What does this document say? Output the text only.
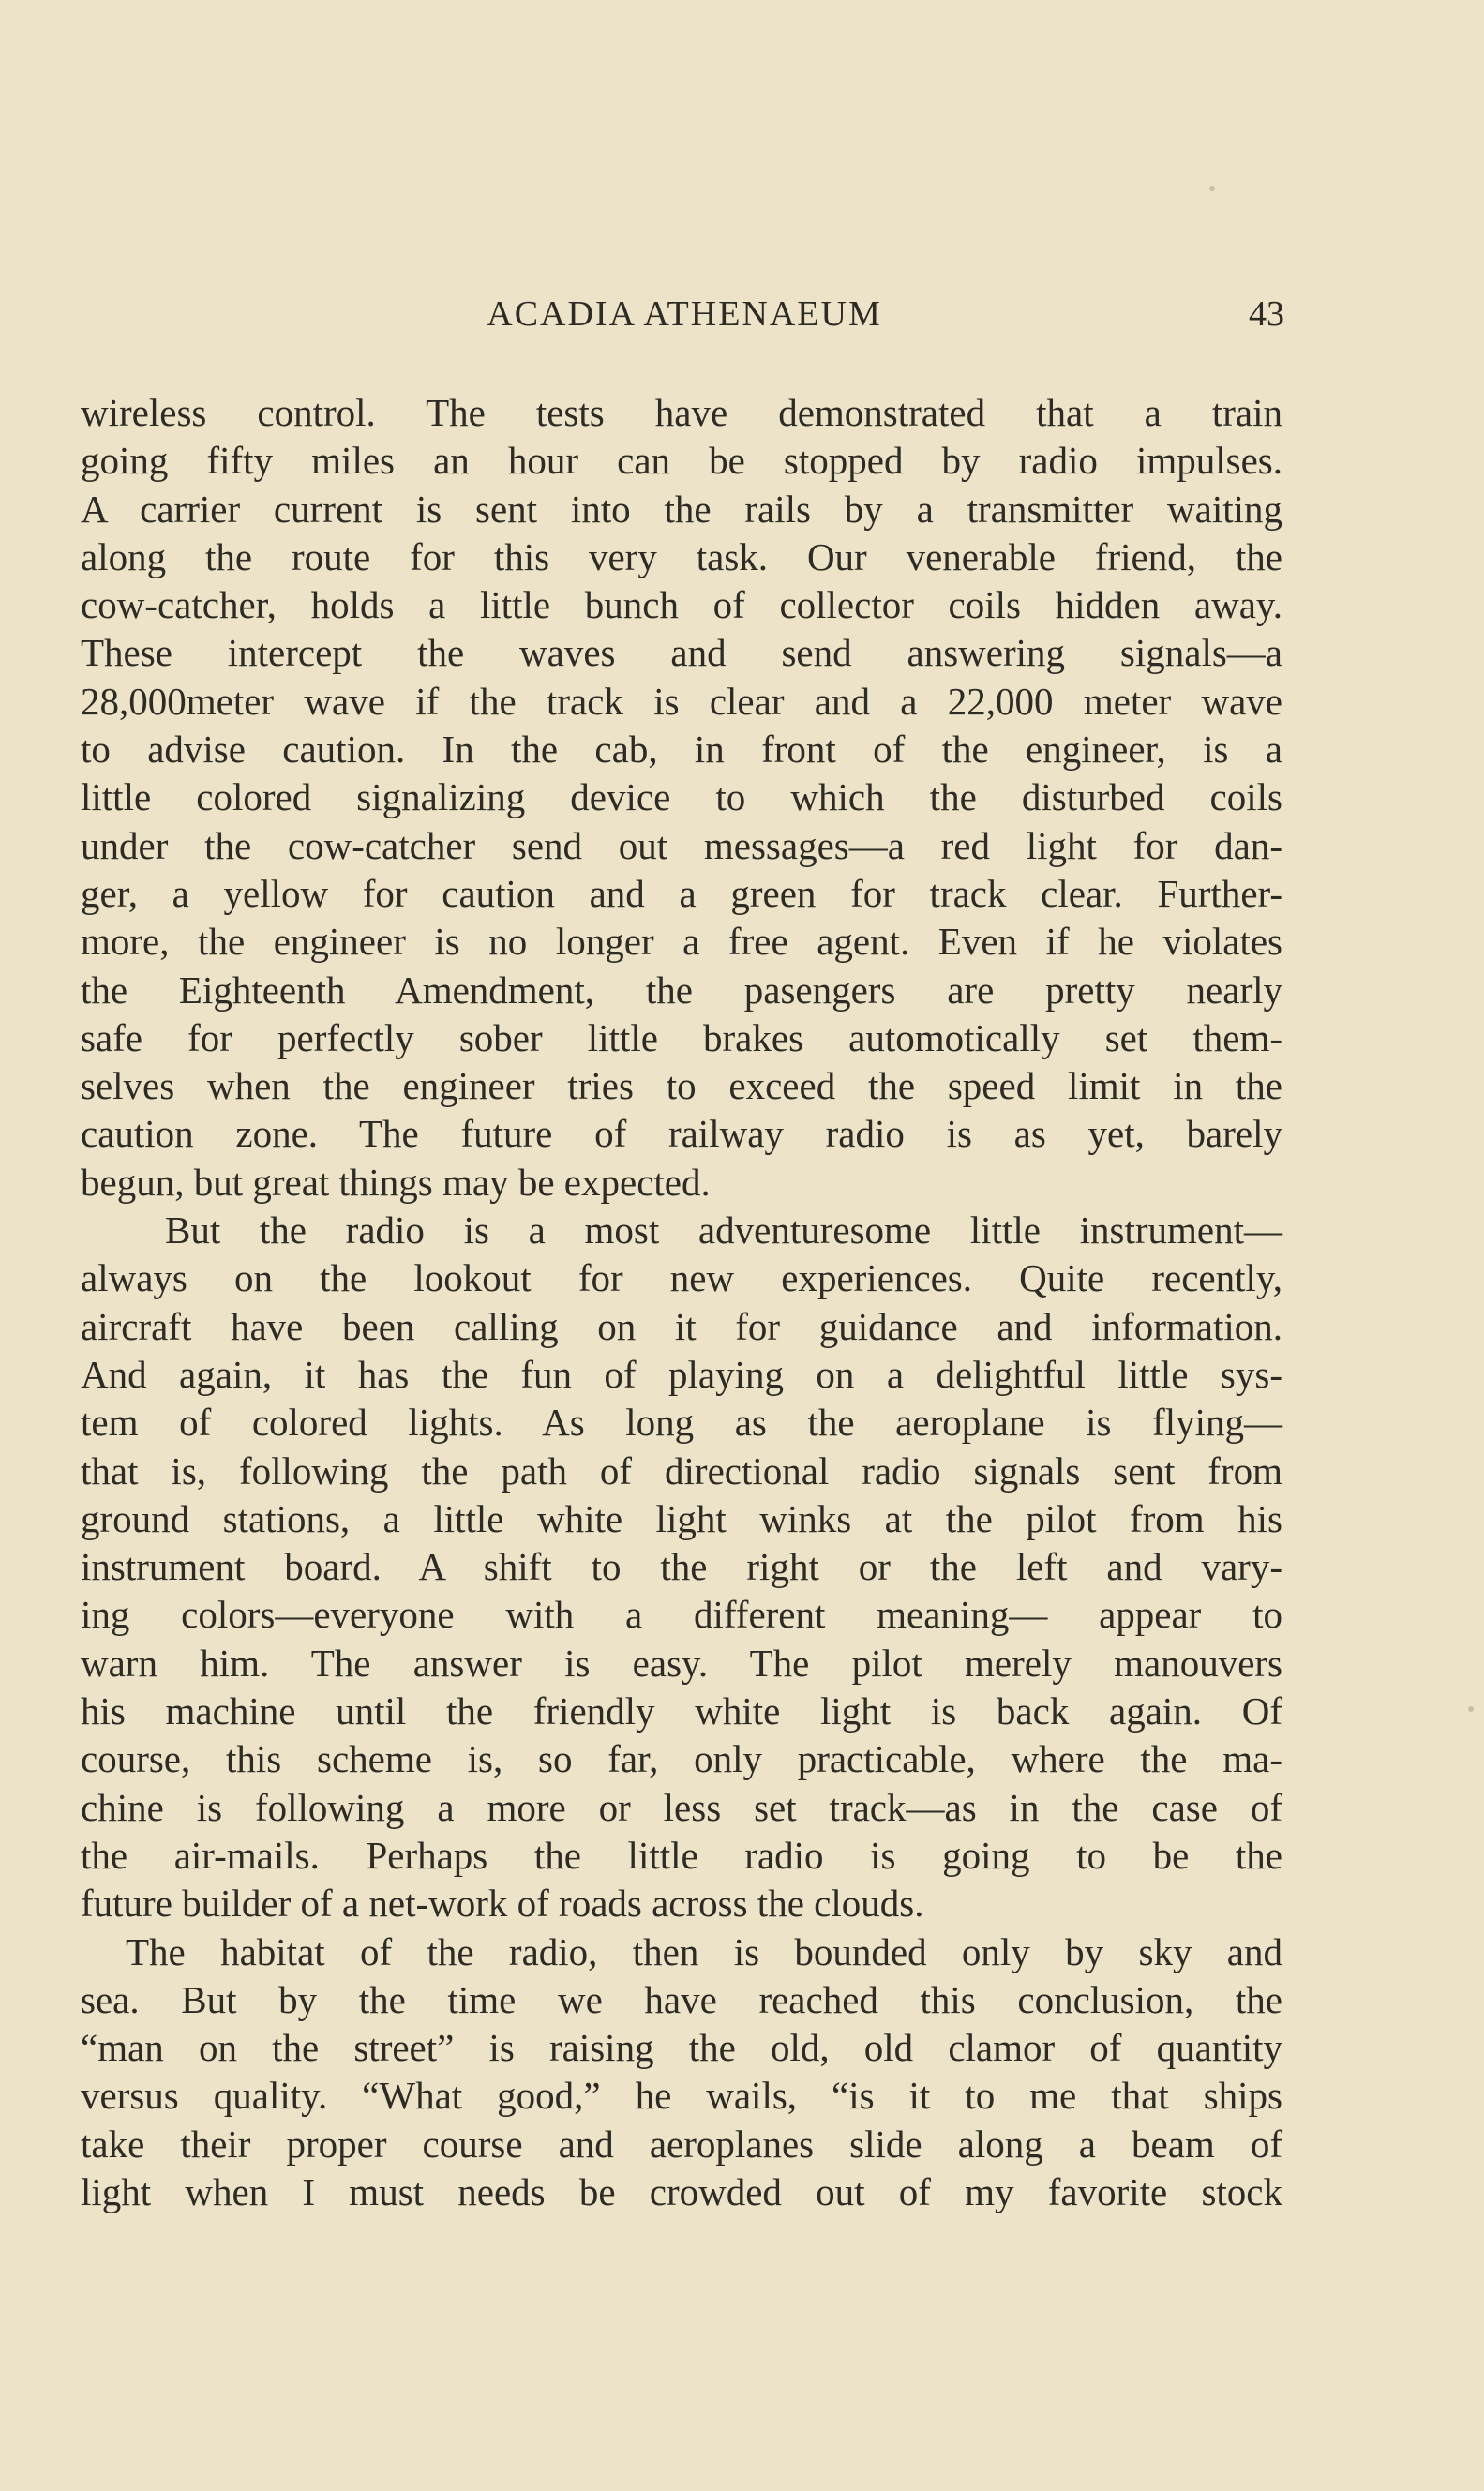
ACADIA ATHENAEUM	43
wireless control. The tests have demonstrated that a train
going fifty miles an hour can be stopped by radio impulses.
A carrier current is sent into the rails by a transmitter waiting
along the route for this very task. Our venerable friend, the
cow-catcher, holds a little bunch of collector coils hidden away.
These intercept the waves and send answering signals—a
28,000meter wave if the track is clear and a 22,000 meter wave
to advise caution. In the cab, in front of the engineer, is a
little colored signalizing device to which the disturbed coils
under the cow-catcher send out messages—a red light for dan-
ger, a yellow for caution and a green for track clear. Further-
more, the engineer is no longer a free agent. Even if he violates
the Eighteenth Amendment, the pasengers are pretty nearly
safe for perfectly sober little brakes automotically set them-
selves when the engineer tries to exceed the speed limit in the
caution zone. The future of railway radio is as yet, barely
begun, but great things may be expected.
But the radio is a most adventuresome little instrument—
always on the lookout for new experiences. Quite recently,
aircraft have been calling on it for guidance and information.
And again, it has the fun of playing on a delightful little sys-
tem of colored lights. As long as the aeroplane is flying—
that is, following the path of directional radio signals sent from
ground stations, a little white light winks at the pilot from his
instrument board. A shift to the right or the left and vary-
ing colors—everyone with a different meaning— appear to
warn him. The answer is easy. The pilot merely manouvers
his machine until the friendly white light is back again. Of
course, this scheme is, so far, only practicable, where the ma-
chine is following a more or less set track—as in the case of
the air-mails. Perhaps the little radio is going to be the
future builder of a net-work of roads across the clouds.
The habitat of the radio, then is bounded only by sky and
sea. But by the time we have reached this conclusion, the
“man on the street” is raising the old, old clamor of quantity
versus quality. “What good,” he wails, “is it to me that ships
take their proper course and aeroplanes slide along a beam of
light when I must needs be crowded out of my favorite stock
